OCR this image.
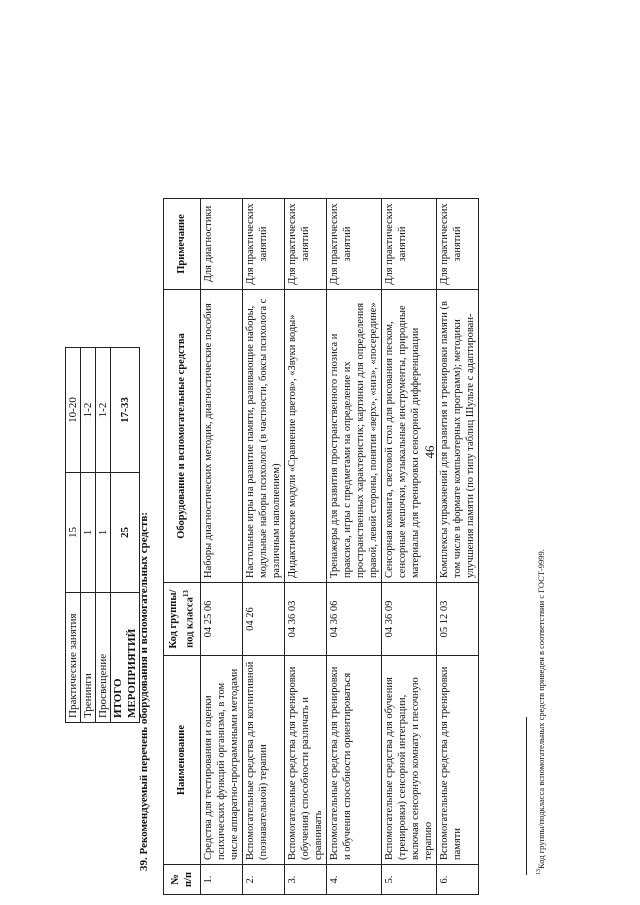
46
Практические занятия	15	10-20
Тренинги	1	1-2
Просвещение	1	1-2
ИТОГО МЕРОПРИЯТИЙ	25	17-33
39. Рекомендуемый перечень оборудования и вспомогательных средств:
№ п/п	Наименование	Код группы/под класса$^{13}$	Оборудование и вспомогательные средства	Примечание
1.	Средства для тестирования и оценки психических функций организма, в том числе аппаратно-программными методами	04 25 06	Наборы диагностических методик, диагностические пособия	Для диагностики
2.	Вспомогательные средства для когнитивной (познавательной) терапии	04 26	Настольные игры на развитие памяти, развивающие наборы, модульные наборы психолога (в частности, боксы психолога с различным наполнением)	Для практических занятий
3.	Вспомогательные средства для тренировки (обучения) способности различать и сравнивать	04 36 03	Дидактические модули «Сравнение цветов», «Звуки воды»	Для практических занятий
4.	Вспомогательные средства для тренировки и обучения способности ориентироваться	04 36 06	Тренажеры для развития пространственного гнозиса и праксиса, игры с предметами на определение их пространственных характеристик; картинки для определения правой, левой стороны, понятия «верх», «низ», «посередине»	Для практических занятий
5.	Вспомогательные средства для обучения (тренировки) сенсорной интеграции, включая сенсорную комнату и песочную терапию	04 36 09	Сенсорная комната, световой стол для рисования песком, сенсорные мешочки, музыкальные инструменты, природные материалы для тренировки сенсорной дифференциации	Для практических занятий
6.	Вспомогательные средства для тренировки памяти	05 12 03	Комплексы упражнений для развития и тренировки памяти (в том числе в формате компьютерных программ); методики улучшения памяти (по типу таблиц Шульте с адаптирован-	Для практических занятий
$^{13}$Код группы/подкласса вспомогательных средств приведен в соответствии с ГОСТ-9999.
